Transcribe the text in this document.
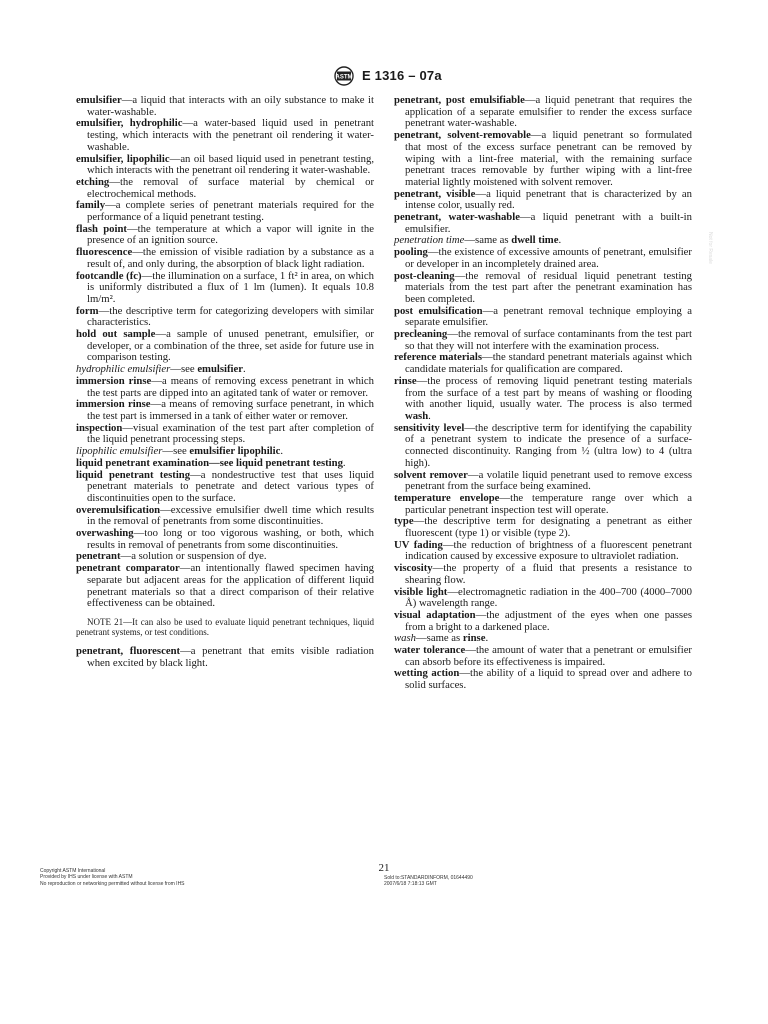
ASTM E 1316 – 07a

emulsifier—a liquid that interacts with an oily substance to make it water-washable.

emulsifier, hydrophilic—a water-based liquid used in penetrant testing, which interacts with the penetrant oil rendering it water-washable.

emulsifier, lipophilic—an oil based liquid used in penetrant testing, which interacts with the penetrant oil rendering it water-washable.

etching—the removal of surface material by chemical or electrochemical methods.

family—a complete series of penetrant materials required for the performance of a liquid penetrant testing.

flash point—the temperature at which a vapor will ignite in the presence of an ignition source.

fluorescence—the emission of visible radiation by a substance as a result of, and only during, the absorption of black light radiation.

footcandle (fc)—the illumination on a surface, 1 ft² in area, on which is uniformly distributed a flux of 1 lm (lumen). It equals 10.8 lm/m².

form—the descriptive term for categorizing developers with similar characteristics.

hold out sample—a sample of unused penetrant, emulsifier, or developer, or a combination of the three, set aside for future use in comparison testing.

hydrophilic emulsifier—see emulsifier.

immersion rinse—a means of removing excess penetrant in which the test parts are dipped into an agitated tank of water or remover.

immersion rinse—a means of removing surface penetrant, in which the test part is immersed in a tank of either water or remover.

inspection—visual examination of the test part after completion of the liquid penetrant processing steps.

lipophilic emulsifier—see emulsifier lipophilic.

liquid penetrant examination—see liquid penetrant testing.

liquid penetrant testing—a nondestructive test that uses liquid penetrant materials to penetrate and detect various types of discontinuities open to the surface.

overemulsification—excessive emulsifier dwell time which results in the removal of penetrants from some discontinuities.

overwashing—too long or too vigorous washing, or both, which results in removal of penetrants from some discontinuities.

penetrant—a solution or suspension of dye.

penetrant comparator—an intentionally flawed specimen having separate but adjacent areas for the application of different liquid penetrant materials so that a direct comparison of their relative effectiveness can be obtained.

NOTE 21—It can also be used to evaluate liquid penetrant techniques, liquid penetrant systems, or test conditions.

penetrant, fluorescent—a penetrant that emits visible radiation when excited by black light.

penetrant, post emulsifiable—a liquid penetrant that requires the application of a separate emulsifier to render the excess surface penetrant water-washable.

penetrant, solvent-removable—a liquid penetrant so formulated that most of the excess surface penetrant can be removed by wiping with a lint-free material, with the remaining surface penetrant traces removable by further wiping with a lint-free material lightly moistened with solvent remover.

penetrant, visible—a liquid penetrant that is characterized by an intense color, usually red.

penetrant, water-washable—a liquid penetrant with a built-in emulsifier.

penetration time—same as dwell time.

pooling—the existence of excessive amounts of penetrant, emulsifier or developer in an incompletely drained area.

post-cleaning—the removal of residual liquid penetrant testing materials from the test part after the penetrant examination has been completed.

post emulsification—a penetrant removal technique employing a separate emulsifier.

precleaning—the removal of surface contaminants from the test part so that they will not interfere with the examination process.

reference materials—the standard penetrant materials against which candidate materials for qualification are compared.

rinse—the process of removing liquid penetrant testing materials from the surface of a test part by means of washing or flooding with another liquid, usually water. The process is also termed wash.

sensitivity level—the descriptive term for identifying the capability of a penetrant system to indicate the presence of a surface-connected discontinuity. Ranging from ½ (ultra low) to 4 (ultra high).

solvent remover—a volatile liquid penetrant used to remove excess penetrant from the surface being examined.

temperature envelope—the temperature range over which a particular penetrant inspection test will operate.

type—the descriptive term for designating a penetrant as either fluorescent (type 1) or visible (type 2).

UV fading—the reduction of brightness of a fluorescent penetrant indication caused by excessive exposure to ultraviolet radiation.

viscosity—the property of a fluid that presents a resistance to shearing flow.

visible light—electromagnetic radiation in the 400–700 (4000–7000 Å) wavelength range.

visual adaptation—the adjustment of the eyes when one passes from a bright to a darkened place.

wash—same as rinse.

water tolerance—the amount of water that a penetrant or emulsifier can absorb before its effectiveness is impaired.

wetting action—the ability of a liquid to spread over and adhere to solid surfaces.

21
Copyright ASTM International
Provided by IHS under license with ASTM
No reproduction or networking permitted without license from IHS
Sold to:STANDARDINFORM, 01644490
2007/6/18 7:18:13 GMT
Not for Resale
